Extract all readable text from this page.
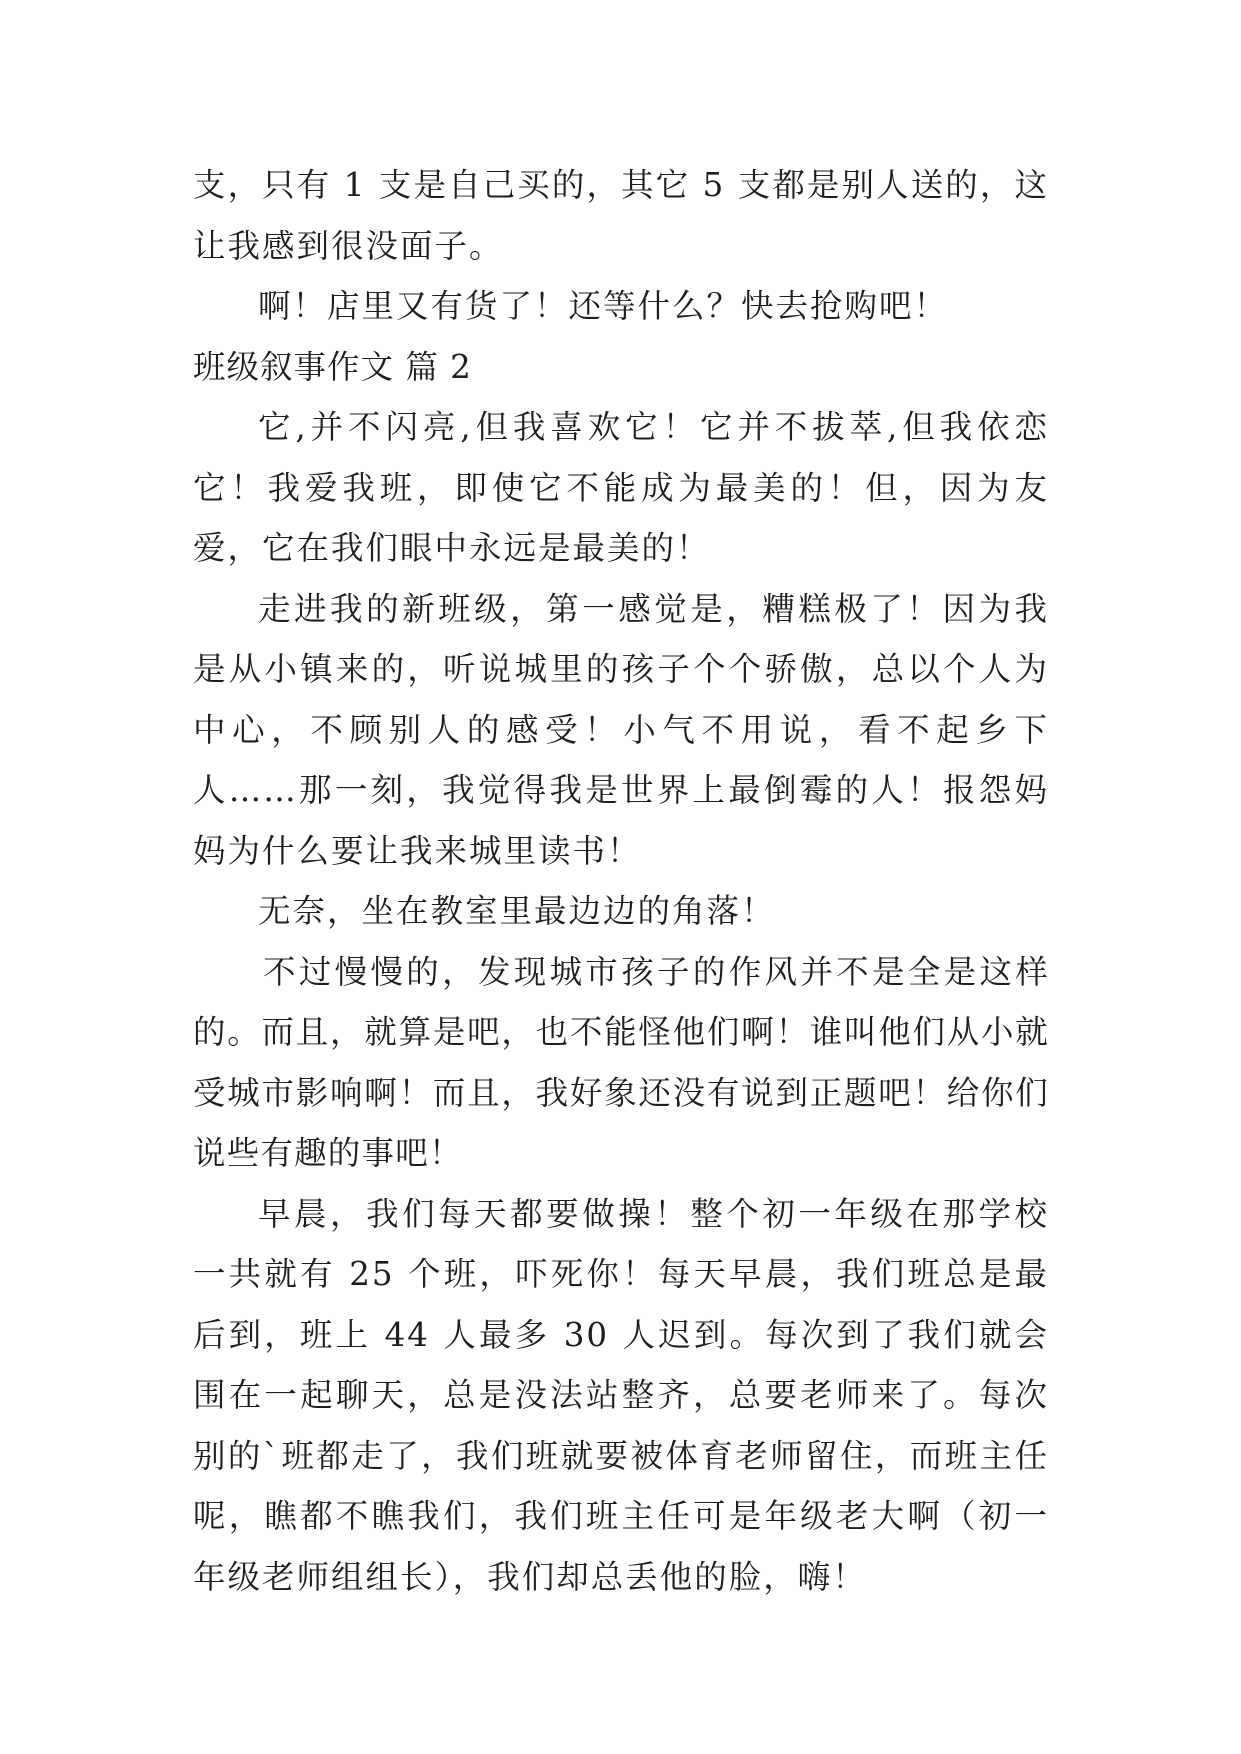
支，只有 1 支是自己买的，其它 5 支都是别人送的，这让我感到很没面子。

啊！店里又有货了！还等什么？快去抢购吧！

班级叙事作文 篇 2

它,并不闪亮,但我喜欢它！它并不拔萃,但我依恋它！我爱我班，即使它不能成为最美的！但，因为友爱，它在我们眼中永远是最美的！

走进我的新班级，第一感觉是，糟糕极了！因为我是从小镇来的，听说城里的孩子个个骄傲，总以个人为中心，不顾别人的感受！小气不用说，看不起乡下人……那一刻，我觉得我是世界上最倒霉的人！报怨妈妈为什么要让我来城里读书！

无奈，坐在教室里最边边的角落！

不过慢慢的，发现城市孩子的作风并不是全是这样的。而且，就算是吧，也不能怪他们啊！谁叫他们从小就受城市影响啊！而且，我好象还没有说到正题吧！给你们说些有趣的事吧！

早晨，我们每天都要做操！整个初一年级在那学校一共就有 25 个班，吓死你！每天早晨，我们班总是最后到，班上 44 人最多 30 人迟到。每次到了我们就会围在一起聊天，总是没法站整齐，总要老师来了。每次别的`班都走了，我们班就要被体育老师留住，而班主任呢，瞧都不瞧我们，我们班主任可是年级老大啊（初一年级老师组组长），我们却总丢他的脸，嗨！
